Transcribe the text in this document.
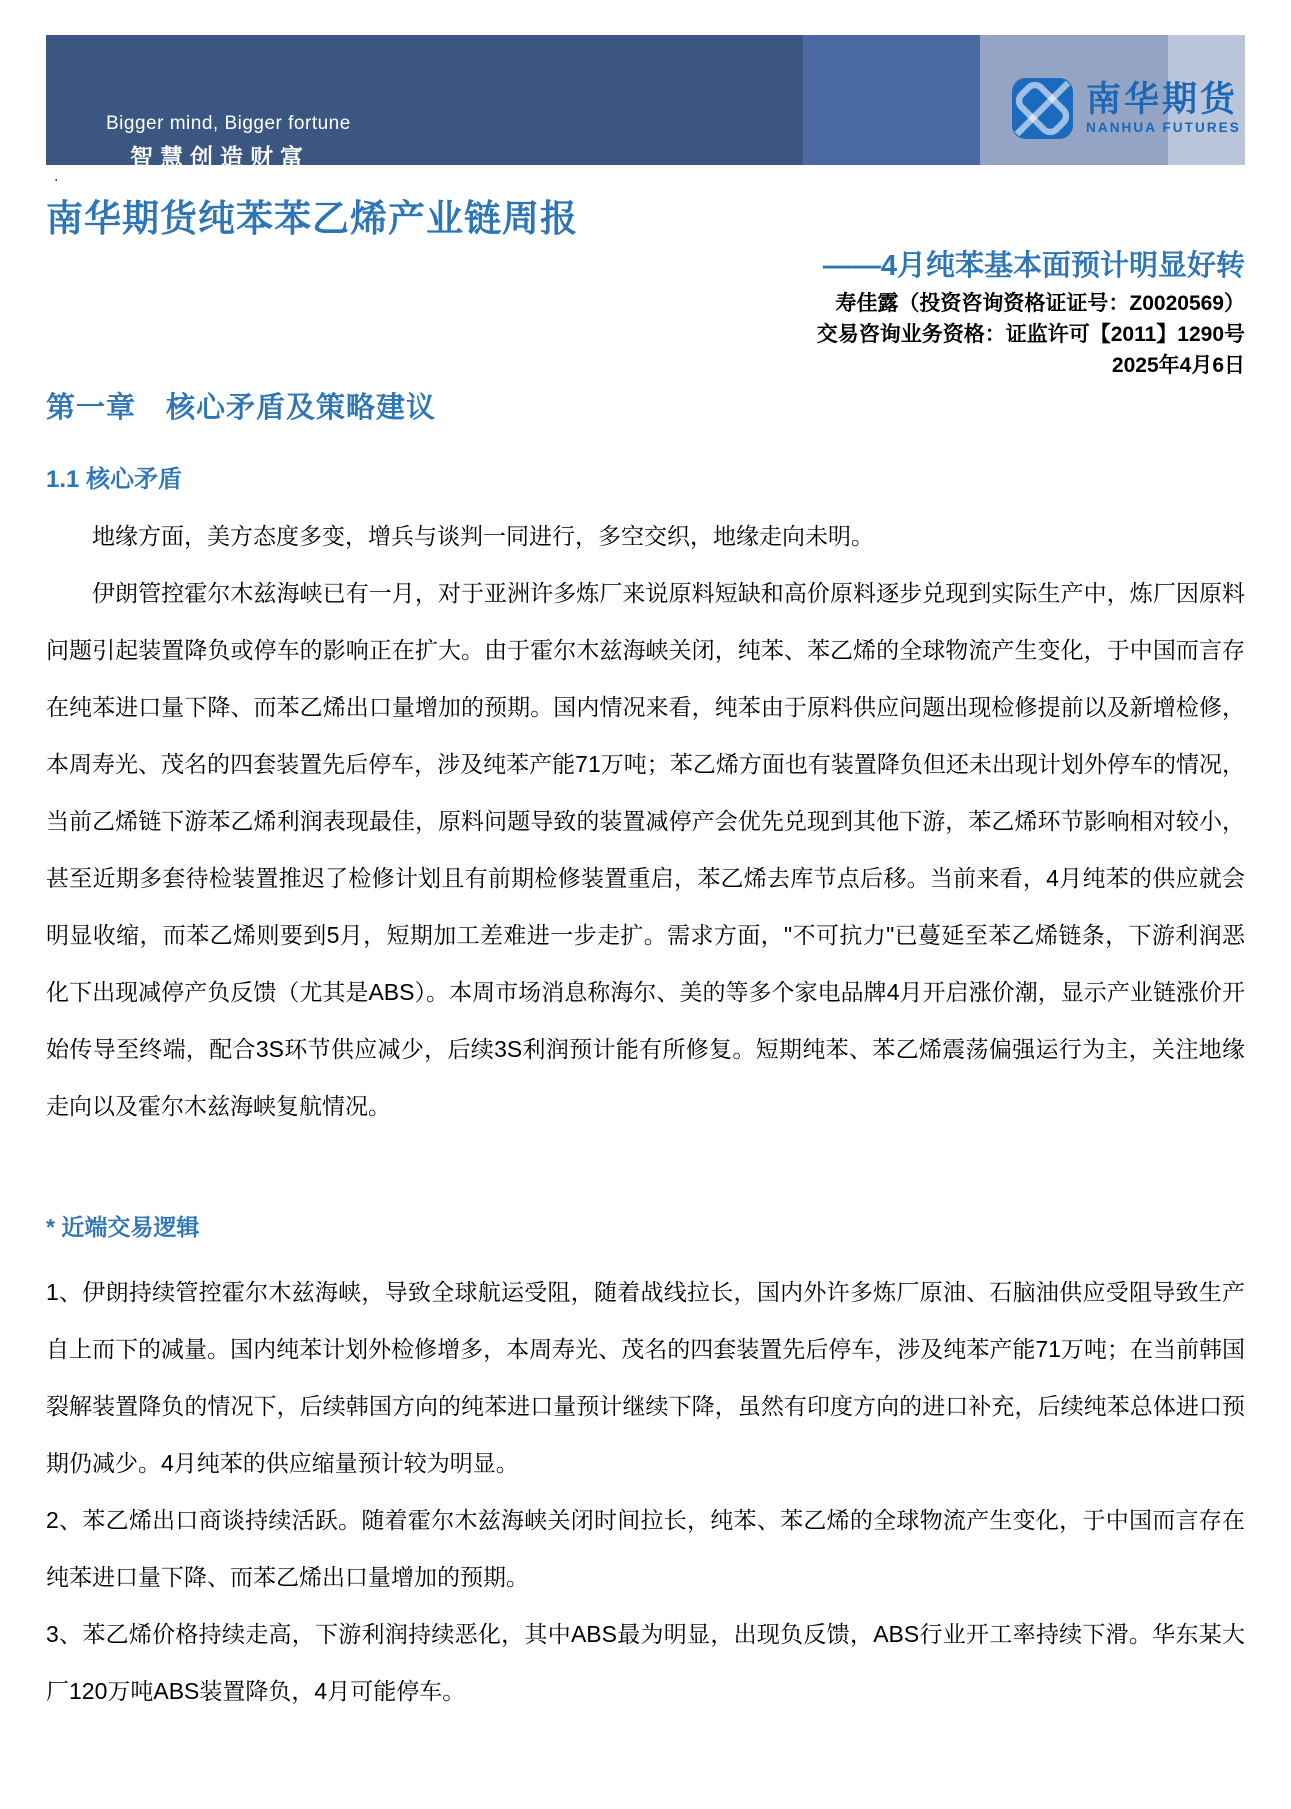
Bigger mind, Bigger fortune
智慧创造财富
南华期货
NANHUA FUTURES
.
南华期货纯苯苯乙烯产业链周报
——4月纯苯基本面预计明显好转
寿佳露（投资咨询资格证证号：Z0020569）
交易咨询业务资格：证监许可【2011】1290号
2025年4月6日
第一章　核心矛盾及策略建议
1.1 核心矛盾

地缘方面，美方态度多变，增兵与谈判一同进行，多空交织，地缘走向未明。

伊朗管控霍尔木兹海峡已有一月，对于亚洲许多炼厂来说原料短缺和高价原料逐步兑现到实际生产中，炼厂因原料问题引起装置降负或停车的影响正在扩大。由于霍尔木兹海峡关闭，纯苯、苯乙烯的全球物流产生变化，于中国而言存在纯苯进口量下降、而苯乙烯出口量增加的预期。国内情况来看，纯苯由于原料供应问题出现检修提前以及新增检修，本周寿光、茂名的四套装置先后停车，涉及纯苯产能71万吨；苯乙烯方面也有装置降负但还未出现计划外停车的情况，当前乙烯链下游苯乙烯利润表现最佳，原料问题导致的装置减停产会优先兑现到其他下游，苯乙烯环节影响相对较小，甚至近期多套待检装置推迟了检修计划且有前期检修装置重启，苯乙烯去库节点后移。当前来看，4月纯苯的供应就会明显收缩，而苯乙烯则要到5月，短期加工差难进一步走扩。需求方面，"不可抗力"已蔓延至苯乙烯链条，下游利润恶化下出现减停产负反馈（尤其是ABS）。本周市场消息称海尔、美的等多个家电品牌4月开启涨价潮，显示产业链涨价开始传导至终端，配合3S环节供应减少，后续3S利润预计能有所修复。短期纯苯、苯乙烯震荡偏强运行为主，关注地缘走向以及霍尔木兹海峡复航情况。

* 近端交易逻辑

1、伊朗持续管控霍尔木兹海峡，导致全球航运受阻，随着战线拉长，国内外许多炼厂原油、石脑油供应受阻导致生产自上而下的减量。国内纯苯计划外检修增多，本周寿光、茂名的四套装置先后停车，涉及纯苯产能71万吨；在当前韩国裂解装置降负的情况下，后续韩国方向的纯苯进口量预计继续下降，虽然有印度方向的进口补充，后续纯苯总体进口预期仍减少。4月纯苯的供应缩量预计较为明显。

2、苯乙烯出口商谈持续活跃。随着霍尔木兹海峡关闭时间拉长，纯苯、苯乙烯的全球物流产生变化，于中国而言存在纯苯进口量下降、而苯乙烯出口量增加的预期。

3、苯乙烯价格持续走高，下游利润持续恶化，其中ABS最为明显，出现负反馈，ABS行业开工率持续下滑。华东某大厂120万吨ABS装置降负，4月可能停车。
